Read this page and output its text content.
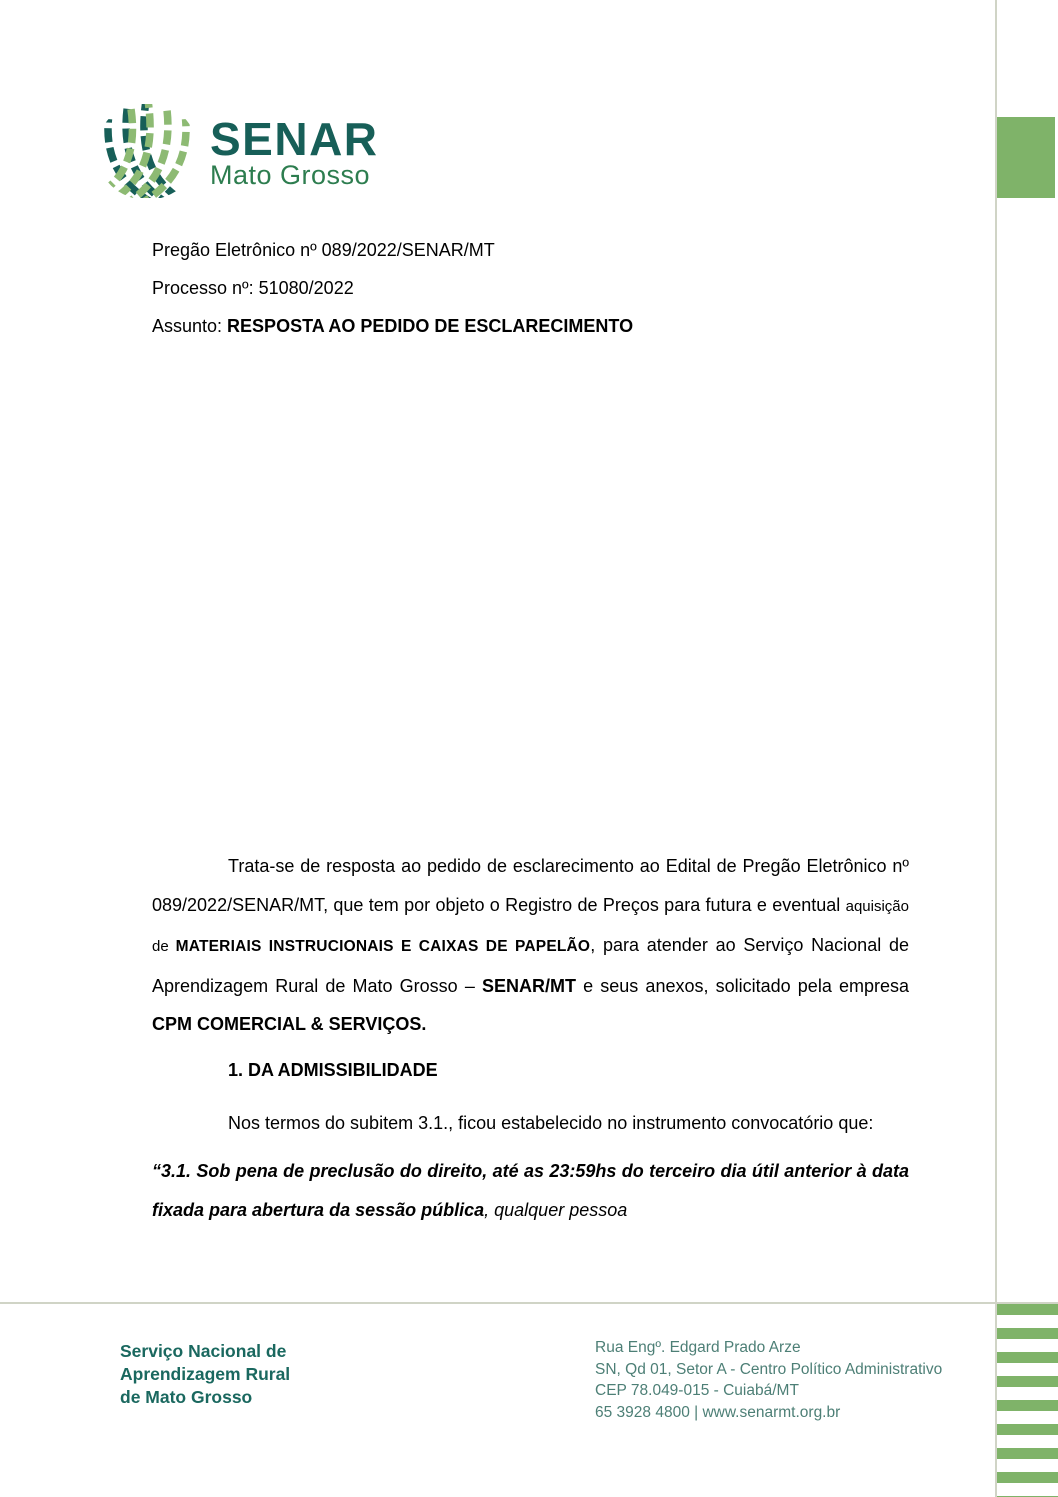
SENAR
Mato Grosso
Pregão Eletrônico nº 089/2022/SENAR/MT
Processo nº: 51080/2022
Assunto: RESPOSTA AO PEDIDO DE ESCLARECIMENTO

Trata-se de resposta ao pedido de esclarecimento ao Edital de Pregão Eletrônico nº 089/2022/SENAR/MT, que tem por objeto o Registro de Preços para futura e eventual aquisição de MATERIAIS INSTRUCIONAIS E CAIXAS DE PAPELÃO, para atender ao Serviço Nacional de Aprendizagem Rural de Mato Grosso – SENAR/MT e seus anexos, solicitado pela empresa CPM COMERCIAL & SERVIÇOS.

1. DA ADMISSIBILIDADE

Nos termos do subitem 3.1., ficou estabelecido no instrumento convocatório que:

“3.1. Sob pena de preclusão do direito, até as 23:59hs do terceiro dia útil anterior à data fixada para abertura da sessão pública, qualquer pessoa

Serviço Nacional de
Aprendizagem Rural
de Mato Grosso
Rua Engº. Edgard Prado Arze
SN, Qd 01, Setor A - Centro Político Administrativo
CEP 78.049-015 - Cuiabá/MT
65 3928 4800 | www.senarmt.org.br
